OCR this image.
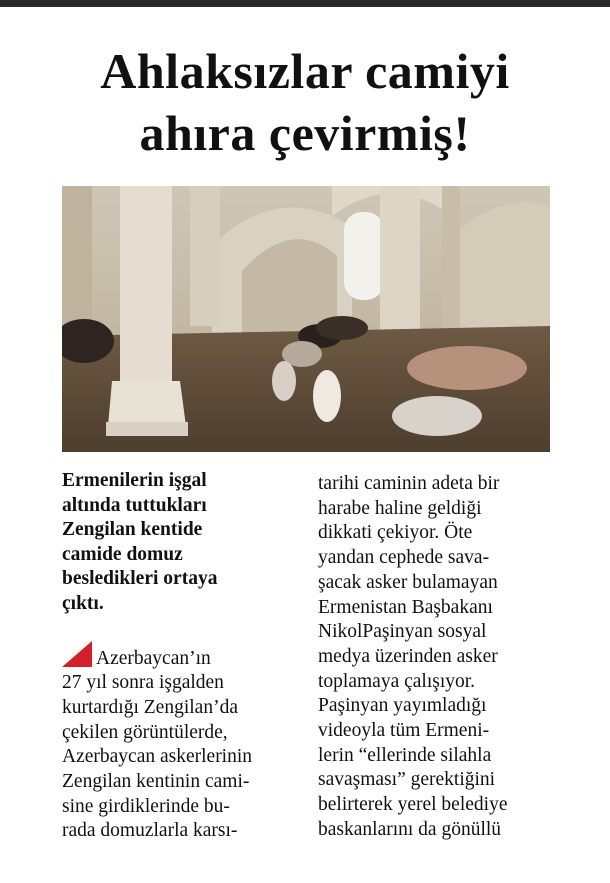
Ahlaksızlar camiyi
ahıra çevirmiş!

Ermenilerin işgal
altında tuttukları
Zengilan kentide
camide domuz
besledikleri ortaya
çıktı.

Azerbaycan’ın
27 yıl sonra işgalden
kurtardığı Zengilan’da
çekilen görüntülerde,
Azerbaycan askerlerinin
Zengilan kentinin cami-
sine girdiklerinde bu-
rada domuzlarla karsı-

tarihi caminin adeta bir
harabe haline geldiği
dikkati çekiyor. Öte
yandan cephede sava-
şacak asker bulamayan
Ermenistan Başbakanı
NikolPaşinyan sosyal
medya üzerinden asker
toplamaya çalışıyor.
Paşinyan yayımladığı
videoyla tüm Ermeni-
lerin “ellerinde silahla
savaşması” gerektiğini
belirterek yerel belediye
baskanlarını da gönüllü
